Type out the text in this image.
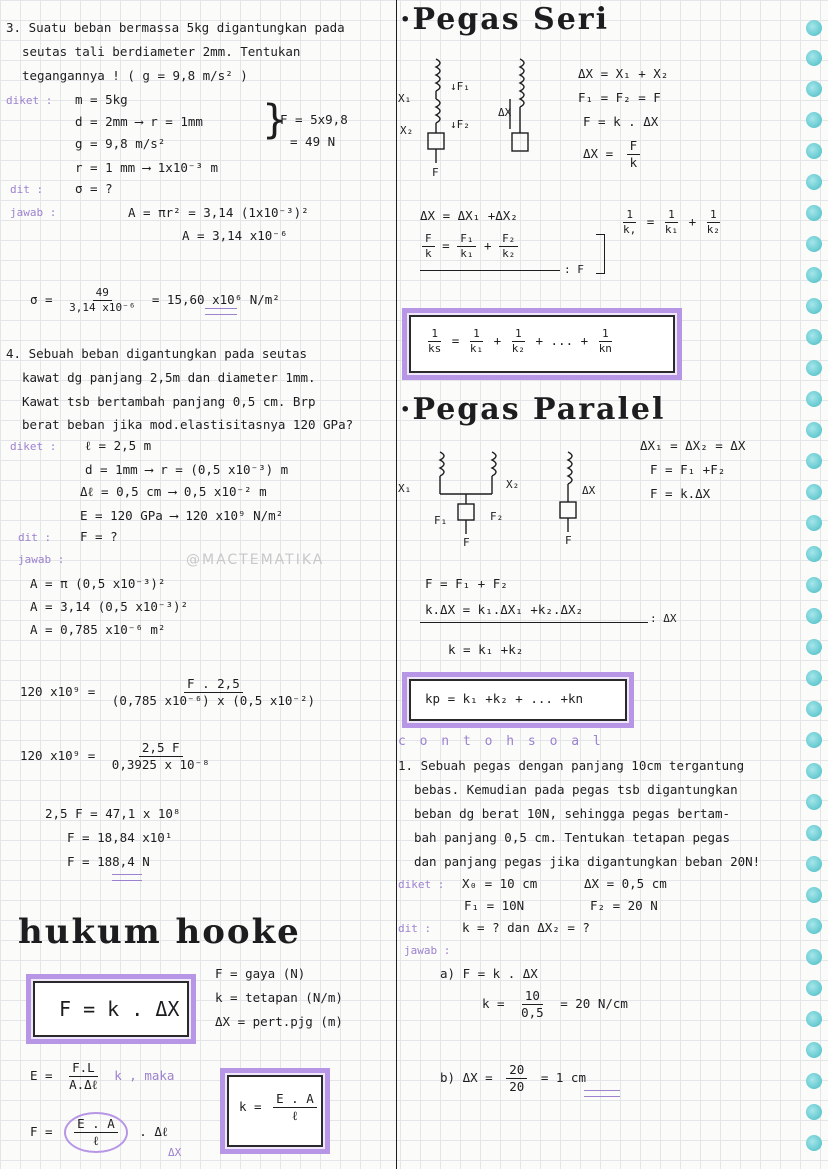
3. Suatu beban bermassa 5kg digantungkan pada
seutas tali berdiameter 2mm. Tentukan
tegangannya ! ( g = 9,8 m/s² )
diket : m = 5kg
d = 2mm ⟶ r = 1mm
g = 9,8 m/s²
r = 1 mm ⟶ 1x10⁻³ m
}
F = 5x9,8
= 49 N
dit :	σ = ?
jawab :	A = πr² = 3,14 (1x10⁻³)²
A = 3,14 x10⁻⁶
$\sigma = \frac{49}{\text{3,14 x10⁻⁶}} = 15,60$ x10⁶ N/m²
4. Sebuah beban digantungkan pada seutas
kawat dg panjang 2,5m dan diameter 1mm.
Kawat tsb bertambah panjang 0,5 cm. Brp
berat beban jika mod.elastisitasnya 120 GPa?
diket : ℓ = 2,5 m
d = 1mm ⟶ r = (0,5 x10⁻³) m
Δℓ = 0,5 cm ⟶ 0,5 x10⁻² m
E = 120 GPa ⟶ 120 x10⁹ N/m²
dit : F = ?
jawab :	@MACTEMATIKA
A = π (0,5 x10⁻³)²
A = 3,14 (0,5 x10⁻³)²
A = 0,785 x10⁻⁶ m²
120 $x10^9 = \frac{F . 2,5}{\text{(0,785 x10⁻⁶) x (0,5 x10⁻²)}}$
120 $x10^9 = \frac{2,5 F}{\text{0,3925 x 10⁻⁸}}$
2,5 F = 47,1 x 10⁸
F = 18,84 x10¹
F = 188,4 N
hukum hooke
F = k . ΔX
F = gaya (N)
k = tetapan (N/m)
ΔX = pert.pjg (m)
$E = \frac{F.L}{\text{A.Δℓ}}$ k , maka
$F = \frac{E . A}{\text{ℓ}}$ . Δℓ
ΔX
$k = \frac{E . A}{\text{ℓ}}$
·Pegas Seri
X₁
X₂
↓F₁
↓F₂
F
ΔX
ΔX = X₁ + X₂
F₁ = F₂ = F
F = k . ΔX
$\Delta X = \frac{F}{k}$
ΔX = ΔX₁ +ΔX₂
$\frac{F}{k} = \frac{\text{F₁}}{\text{k₁}} + \frac{\text{F₂}}{\text{k₂}}$
: F
$\frac{1}{k,} = \frac{1}{\text{k₁}} + \frac{1}{\text{k₂}}$
$\frac{1}{ks} = \frac{1}{\text{k₁}} + \frac{1}{\text{k₂}}$ + ... + $\frac{1}{kn}$
·Pegas Paralel
X₁	X₂	ΔX
F₁	F₂
F	F
ΔX₁ = ΔX₂ = ΔX
F = F₁ +F₂
F = k.ΔX
F = F₁ + F₂
k.ΔX = k₁.ΔX₁ +k₂.ΔX₂
: ΔX
k = k₁ +k₂
kp = k₁ +k₂ + ... +kn
c o n t o h s o a l
1. Sebuah pegas dengan panjang 10cm tergantung
bebas. Kemudian pada pegas tsb digantungkan
beban dg berat 10N, sehingga pegas bertam-
bah panjang 0,5 cm. Tentukan tetapan pegas
dan panjang pegas jika digantungkan beban 20N!
diket : X₀ = 10 cm	ΔX = 0,5 cm
F₁ = 10N	F₂ = 20 N
dit : k = ? dan ΔX₂ = ?
jawab :
a) F = k . ΔX
$k = \frac{10}{0,5} = 20$ N/cm
b) $\Delta X = \frac{20}{20} = 1$ cm
